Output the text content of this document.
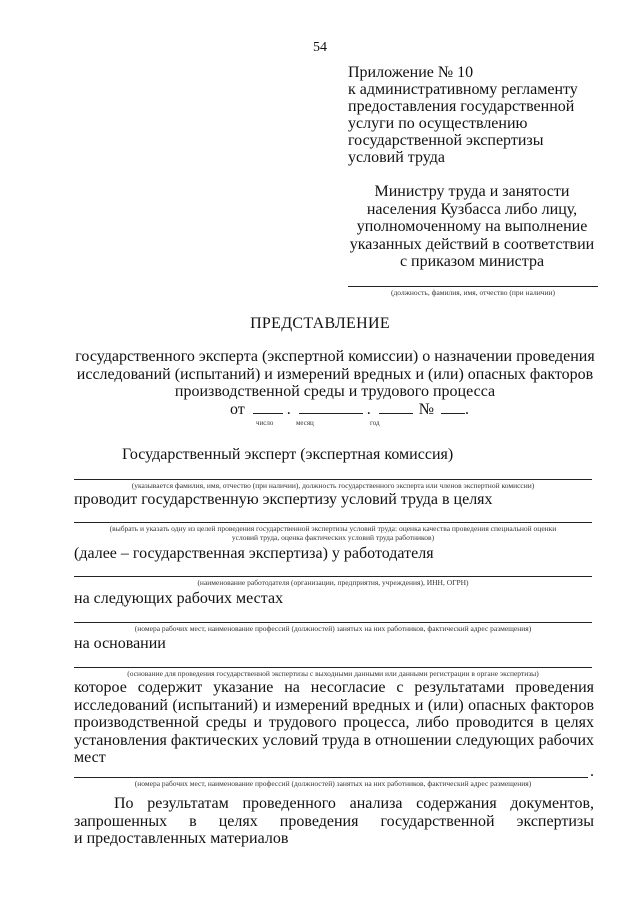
54
Приложение № 10
к административному регламенту
предоставления государственной
услуги по осуществлению
государственной экспертизы
условий труда
Министру труда и занятости
населения Кузбасса либо лицу,
уполномоченному на выполнение
указанных действий в соответствии
с приказом министра
(должность, фамилия, имя, отчество (при наличии)
ПРЕДСТАВЛЕНИЕ
государственного эксперта (экспертной комиссии) о назначении проведения
исследований (испытаний) и измерений вредных и (или) опасных факторов
производственной среды и трудового процесса
от	.	.	№ .
число	месяц	год
Государственный эксперт (экспертная комиссия)
(указывается фамилия, имя, отчество (при наличии), должность государственного эксперта или членов экспертной комиссии)
проводит государственную экспертизу условий труда в целях
(выбрать и указать одну из целей проведения государственной экспертизы условий труда: оценка качества проведения специальной оценки
условий труда, оценка фактических условий труда работников)
(далее – государственная экспертиза) у работодателя
(наименование работодателя (организации, предприятия, учреждения), ИНН, ОГРН)
на следующих рабочих местах
(номера рабочих мест, наименование профессий (должностей) занятых на них работников, фактический адрес размещения)
на основании
(основание для проведения государственной экспертизы с выходными данными или данными регистрации в органе экспертизы)
которое содержит указание на несогласие с результатами проведения
исследований (испытаний) и измерений вредных и (или) опасных факторов
производственной среды и трудового процесса, либо проводится в целях
установления фактических условий труда в отношении следующих рабочих
мест
.
(номера рабочих мест, наименование профессий (должностей) занятых на них работников, фактический адрес размещения)
По результатам проведенного анализа содержания документов,
запрошенных в целях проведения государственной экспертизы
и предоставленных материалов
